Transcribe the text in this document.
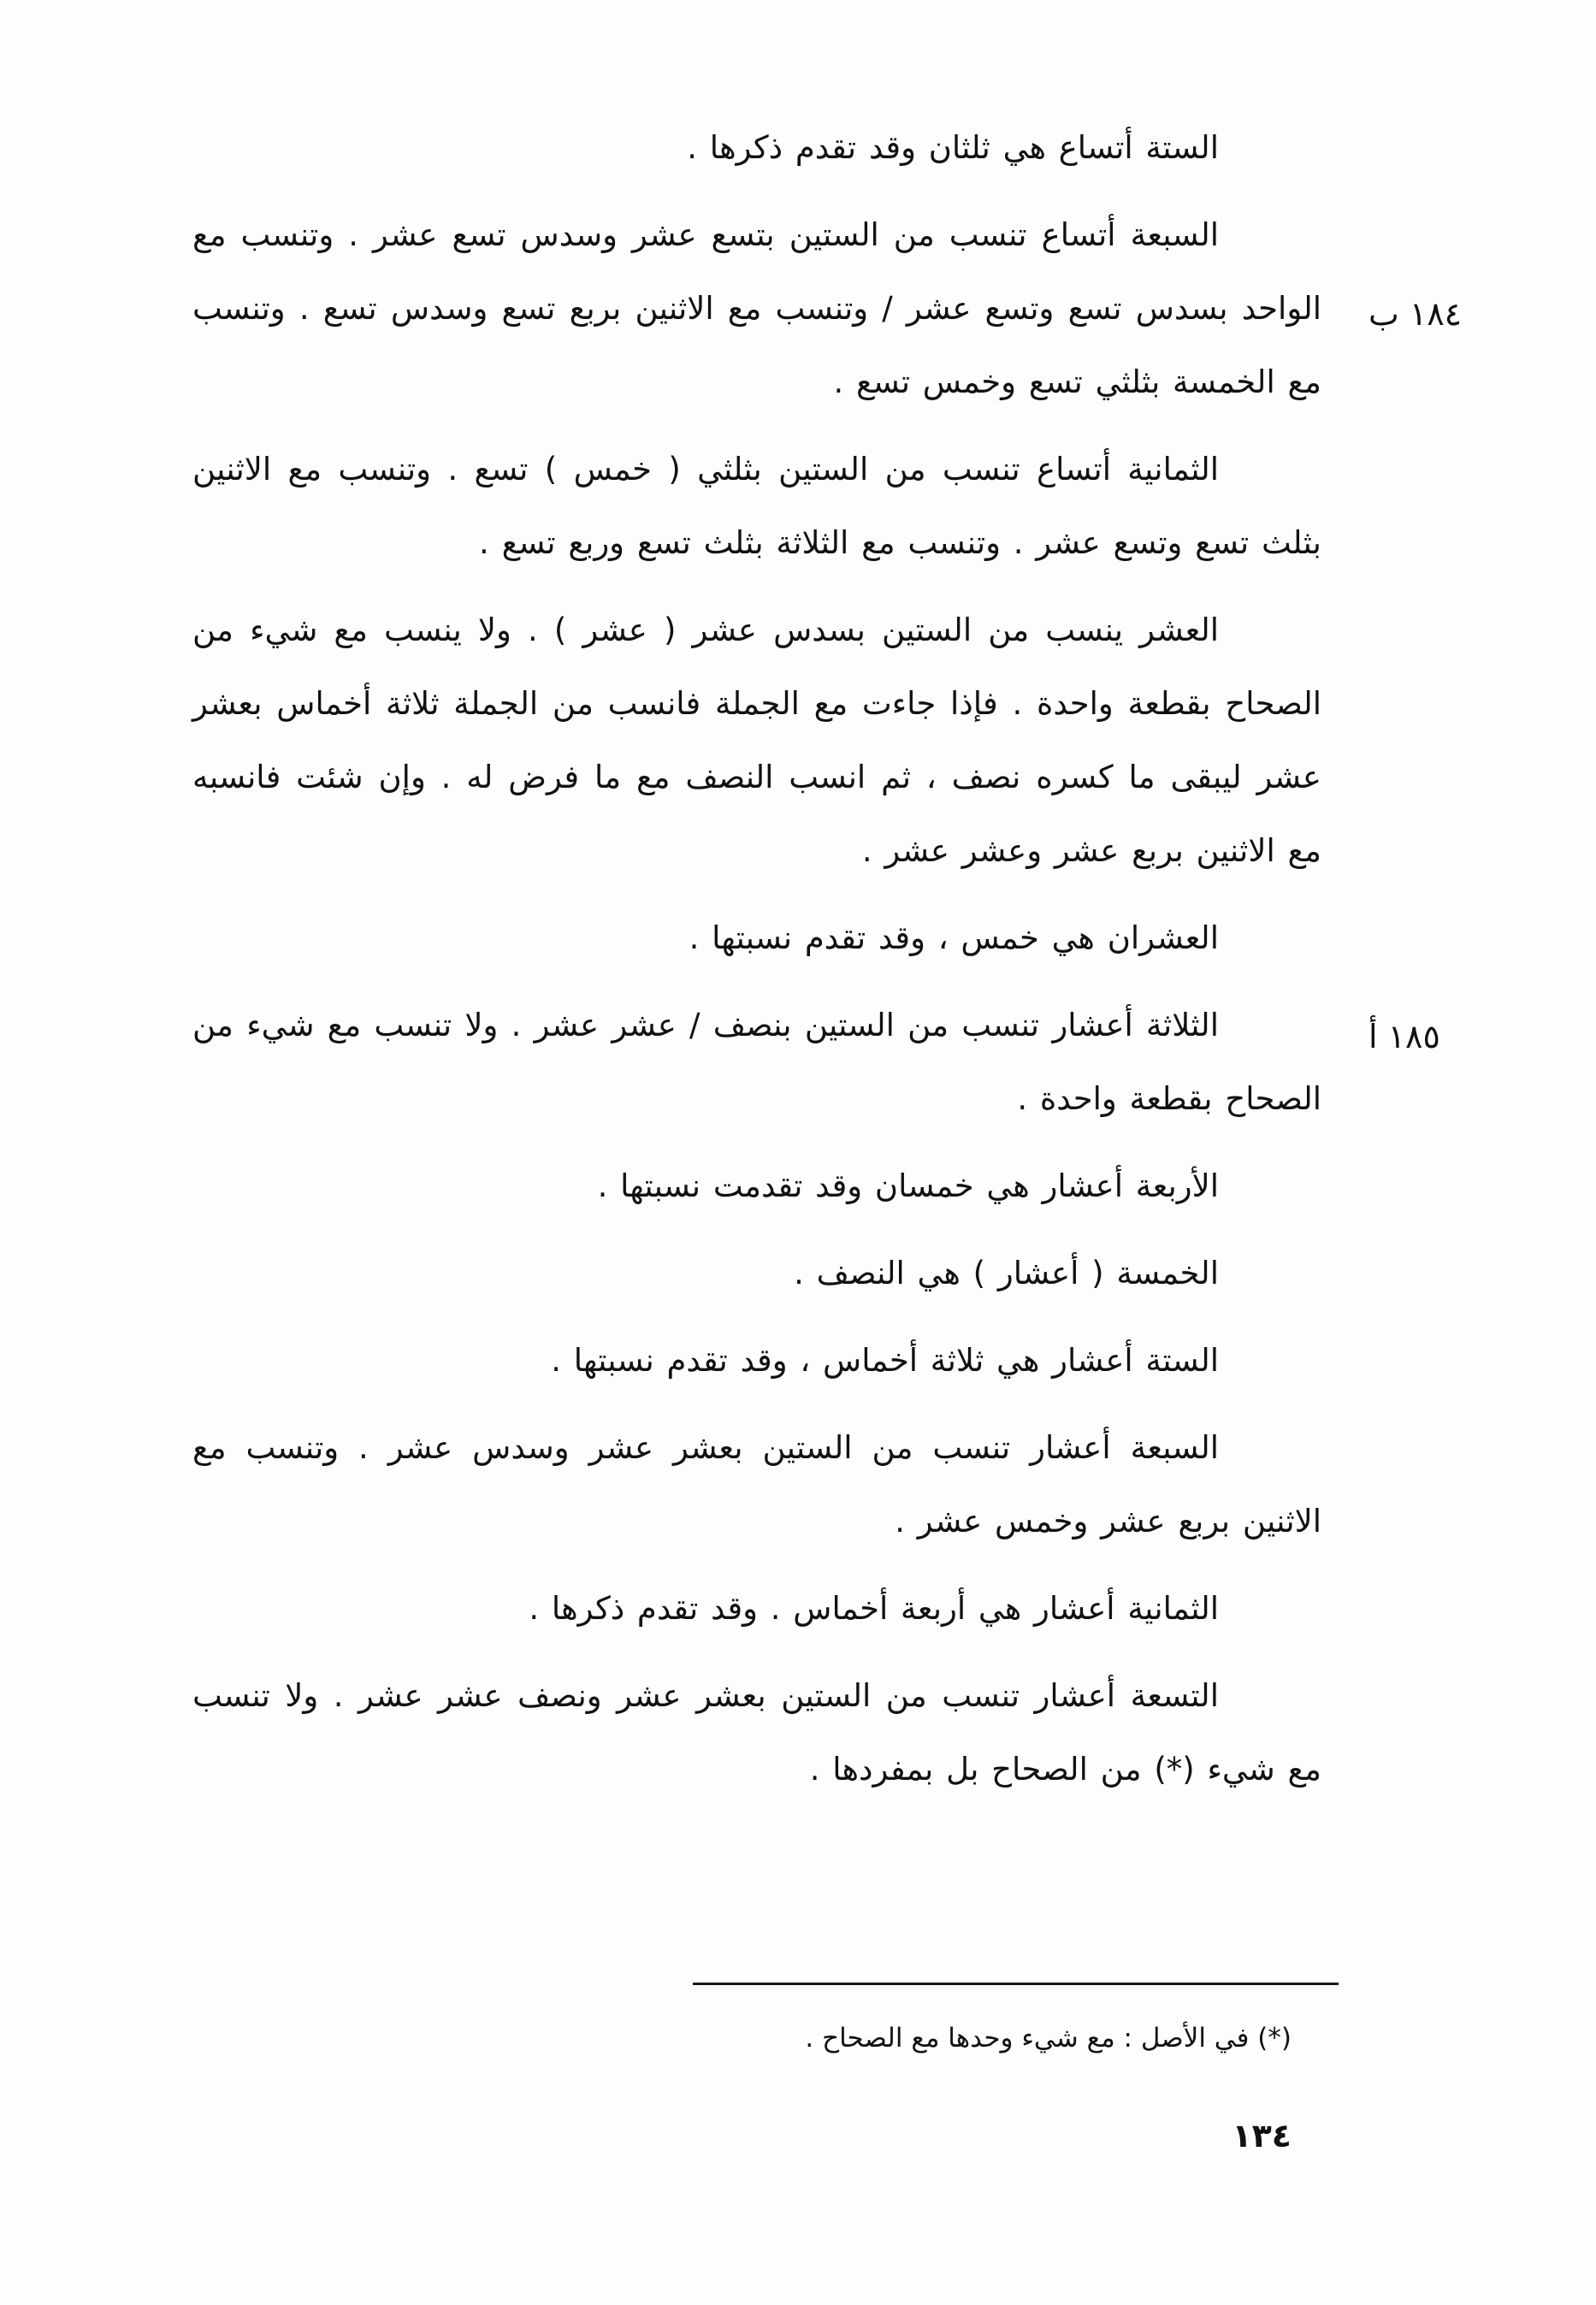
الستة أتساع هي ثلثان وقد تقدم ذكرها .

السبعة أتساع تنسب من الستين بتسع عشر وسدس تسع عشر . وتنسب مع الواحد بسدس تسع وتسع عشر / وتنسب مع الاثنين بربع تسع وسدس تسع . وتنسب مع الخمسة بثلثي تسع وخمس تسع .

الثمانية أتساع تنسب من الستين بثلثي ( خمس ) تسع . وتنسب مع الاثنين بثلث تسع وتسع عشر . وتنسب مع الثلاثة بثلث تسع وربع تسع .

العشر ينسب من الستين بسدس عشر ( عشر ) . ولا ينسب مع شيء من الصحاح بقطعة واحدة . فإذا جاءت مع الجملة فانسب من الجملة ثلاثة أخماس بعشر عشر ليبقى ما كسره نصف ، ثم انسب النصف مع ما فرض له . وإن شئت فانسبه مع الاثنين بربع عشر وعشر عشر .

العشران هي خمس ، وقد تقدم نسبتها .

الثلاثة أعشار تنسب من الستين بنصف / عشر عشر . ولا تنسب مع شيء من الصحاح بقطعة واحدة .

الأربعة أعشار هي خمسان وقد تقدمت نسبتها .

الخمسة ( أعشار ) هي النصف .

الستة أعشار هي ثلاثة أخماس ، وقد تقدم نسبتها .

السبعة أعشار تنسب من الستين بعشر عشر وسدس عشر . وتنسب مع الاثنين بربع عشر وخمس عشر .

الثمانية أعشار هي أربعة أخماس . وقد تقدم ذكرها .

التسعة أعشار تنسب من الستين بعشر عشر ونصف عشر عشر . ولا تنسب مع شيء (*) من الصحاح بل بمفردها .

١٨٤ ب
١٨٥ أ
(*) في الأصل : مع شيء وحدها مع الصحاح .
١٣٤
